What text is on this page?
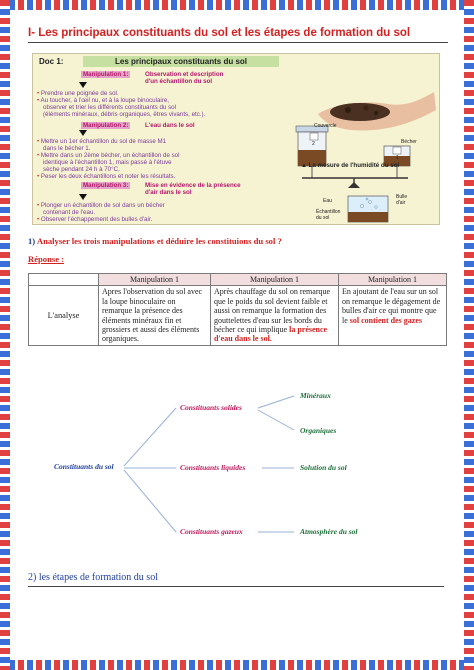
I- Les principaux constituants du sol et les étapes de formation du sol
Doc 1:	Les principaux constituants du sol
Manipulation 1:	Observation et description
d'un échantillon du sol
• Prendre une poignée de sol.
• Au toucher, à l'œil nu, et à la loupe binoculaire,
observer et trier les différents constituants du sol
(éléments minéraux, débris organiques, êtres vivants, etc.).
Manipulation 2:	L'eau dans le sol
• Mettre un 1er échantillon du sol de masse M1
dans le bécher 1.
• Mettre dans un 2ème bécher, un échantillon de sol
identique à l'échantillon 1, mais passé à l'étuve
sèche pendant 24 h à 70°C.
• Peser les deux échantillons et noter les résultats.
Manipulation 3:	Mise en évidence de la présence
d'air dans le sol
• Plonger un échantillon de sol dans un bécher
contenant de l'eau.
• Observer l'échappement des bulles d'air.
Couvercle
Bécher
2
1
▲ La mesure de l'humidité du sol
Eau
Bulle
d'air
Échantillon
du sol
1) Analyser les trois manipulations et déduire les constituions du sol ?
Réponse :
	Manipulation 1	Manipulation 1	Manipulation 1
L'analyse	Apres l'observation du sol avec la loupe binoculaire on remarque la présence des éléments minéraux fin et grossiers et aussi des éléments organiques.	Après chauffage du sol on remarque que le poids du sol devient faible et aussi on remarque la formation des gouttelettes d'eau sur les bords du bécher ce qui implique la présence d'eau dans le sol.	En ajoutant de l'eau sur un sol on remarque le dégagement de bulles d'air ce qui montre que le sol contient des gazes
Constituants du sol
Constituants solides
Constituants liquides
Constituants gazeux
Minéraux
Organiques
Solution du sol
Atmosphère du sol
2) les étapes de formation du sol
